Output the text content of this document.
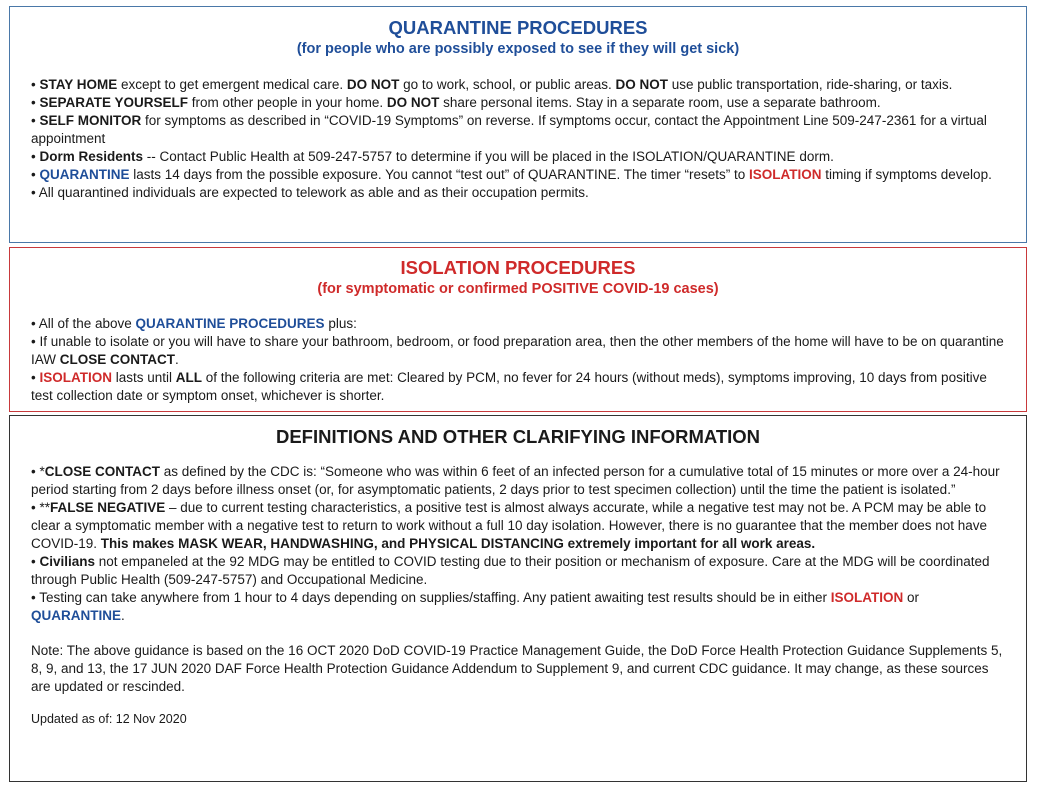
QUARANTINE PROCEDURES
(for people who are possibly exposed to see if they will get sick)

• STAY HOME except to get emergent medical care. DO NOT go to work, school, or public areas. DO NOT use public transportation, ride-sharing, or taxis.

• SEPARATE YOURSELF from other people in your home. DO NOT share personal items. Stay in a separate room, use a separate bathroom.

• SELF MONITOR for symptoms as described in “COVID-19 Symptoms” on reverse. If symptoms occur, contact the Appointment Line 509-247-2361 for a virtual appointment

• Dorm Residents -- Contact Public Health at 509-247-5757 to determine if you will be placed in the ISOLATION/QUARANTINE dorm.

• QUARANTINE lasts 14 days from the possible exposure. You cannot “test out” of QUARANTINE. The timer “resets” to ISOLATION timing if symptoms develop.

• All quarantined individuals are expected to telework as able and as their occupation permits.

ISOLATION PROCEDURES
(for symptomatic or confirmed POSITIVE COVID-19 cases)

• All of the above QUARANTINE PROCEDURES plus:

• If unable to isolate or you will have to share your bathroom, bedroom, or food preparation area, then the other members of the home will have to be on quarantine IAW CLOSE CONTACT.

• ISOLATION lasts until ALL of the following criteria are met: Cleared by PCM, no fever for 24 hours (without meds), symptoms improving, 10 days from positive test collection date or symptom onset, whichever is shorter.

DEFINITIONS AND OTHER CLARIFYING INFORMATION

• *CLOSE CONTACT as defined by the CDC is: “Someone who was within 6 feet of an infected person for a cumulative total of 15 minutes or more over a 24-hour period starting from 2 days before illness onset (or, for asymptomatic patients, 2 days prior to test specimen collection) until the time the patient is isolated.”

• **FALSE NEGATIVE – due to current testing characteristics, a positive test is almost always accurate, while a negative test may not be. A PCM may be able to clear a symptomatic member with a negative test to return to work without a full 10 day isolation. However, there is no guarantee that the member does not have COVID-19. This makes MASK WEAR, HANDWASHING, and PHYSICAL DISTANCING extremely important for all work areas.

• Civilians not empaneled at the 92 MDG may be entitled to COVID testing due to their position or mechanism of exposure. Care at the MDG will be coordinated through Public Health (509-247-5757) and Occupational Medicine.

• Testing can take anywhere from 1 hour to 4 days depending on supplies/staffing. Any patient awaiting test results should be in either ISOLATION or QUARANTINE.

Note: The above guidance is based on the 16 OCT 2020 DoD COVID-19 Practice Management Guide, the DoD Force Health Protection Guidance Supplements 5, 8, 9, and 13, the 17 JUN 2020 DAF Force Health Protection Guidance Addendum to Supplement 9, and current CDC guidance. It may change, as these sources are updated or rescinded.

Updated as of: 12 Nov 2020
